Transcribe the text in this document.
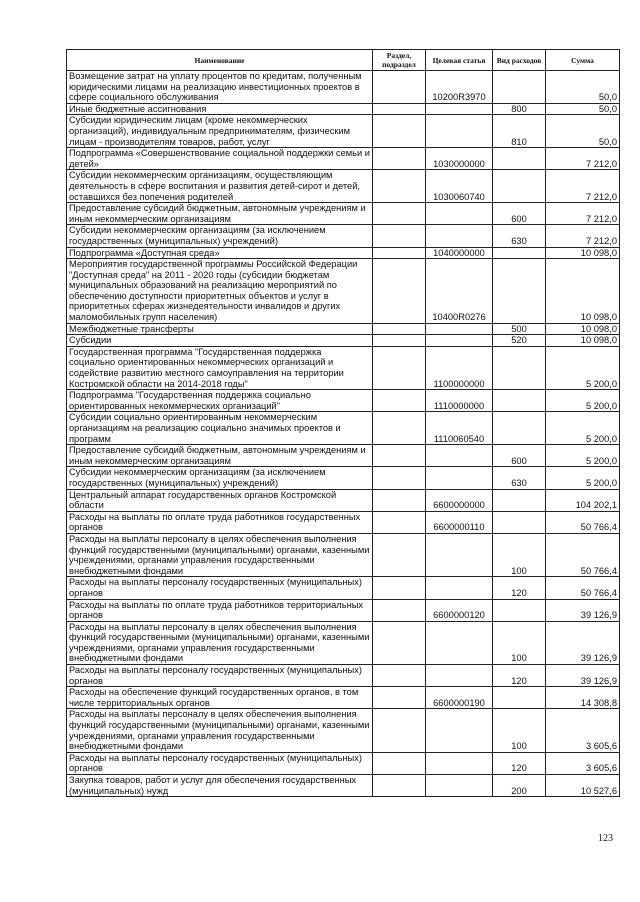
Наименование	Раздел, подраздел	Целевая статья	Вид расходов	Сумма
Возмещение затрат на уплату процентов по кредитам, полученным юридическими лицами на реализацию инвестиционных проектов в сфере социального обслуживания		10200R3970		50,0
Иные бюджетные ассигнования			800	50,0
Субсидии юридическим лицам (кроме некоммерческих организаций), индивидуальным предпринимателям, физическим лицам - производителям товаров, работ, услуг			810	50,0
Подпрограмма «Совершенствование социальной поддержки семьи и детей»		1030000000		7 212,0
Субсидии некоммерческим организациям, осуществляющим деятельность в сфере воспитания и развития детей-сирот и детей, оставшихся без попечения родителей		1030060740		7 212,0
Предоставление субсидий бюджетным, автономным учреждениям и иным некоммерческим организациям			600	7 212,0
Субсидии некоммерческим организациям (за исключением государственных (муниципальных) учреждений)			630	7 212,0
Подпрограмма «Доступная среда»		1040000000		10 098,0
Мероприятия государственной программы Российской Федерации "Доступная среда" на 2011 - 2020 годы (субсидии бюджетам муниципальных образований на реализацию мероприятий по обеспечению доступности приоритетных объектов и услуг в приоритетных сферах жизнедеятельности инвалидов и других маломобильных групп населения)		10400R0276		10 098,0
Межбюджетные трансферты			500	10 098,0
Субсидии			520	10 098,0
Государственная программа "Государственная поддержка социально ориентированных некоммерческих организаций и содействие развитию местного самоуправления на территории Костромской области на 2014-2018 годы"		1100000000		5 200,0
Подпрограмма "Государственная поддержка социально ориентированных некоммерческих организаций"		1110000000		5 200,0
Субсидии социально ориентированным некоммерческим организациям на реализацию социально значимых проектов и программ		1110060540		5 200,0
Предоставление субсидий бюджетным, автономным учреждениям и иным некоммерческим организациям			600	5 200,0
Субсидии некоммерческим организациям (за исключением государственных (муниципальных) учреждений)			630	5 200,0
Центральный аппарат государственных органов Костромской области		6600000000		104 202,1
Расходы на выплаты по оплате труда работников государственных органов		6600000110		50 766,4
Расходы на выплаты персоналу в целях обеспечения выполнения функций государственными (муниципальными) органами, казенными учреждениями, органами управления государственными внебюджетными фондами			100	50 766,4
Расходы на выплаты персоналу государственных (муниципальных) органов			120	50 766,4
Расходы на выплаты по оплате труда работников территориальных органов		6600000120		39 126,9
Расходы на выплаты персоналу в целях обеспечения выполнения функций государственными (муниципальными) органами, казенными учреждениями, органами управления государственными внебюджетными фондами			100	39 126,9
Расходы на выплаты персоналу государственных (муниципальных) органов			120	39 126,9
Расходы на обеспечение функций государственных органов, в том числе территориальных органов		6600000190		14 308,8
Расходы на выплаты персоналу в целях обеспечения выполнения функций государственными (муниципальными) органами, казенными учреждениями, органами управления государственными внебюджетными фондами			100	3 605,6
Расходы на выплаты персоналу государственных (муниципальных) органов			120	3 605,6
Закупка товаров, работ и услуг для обеспечения государственных (муниципальных) нужд			200	10 527,6
123
